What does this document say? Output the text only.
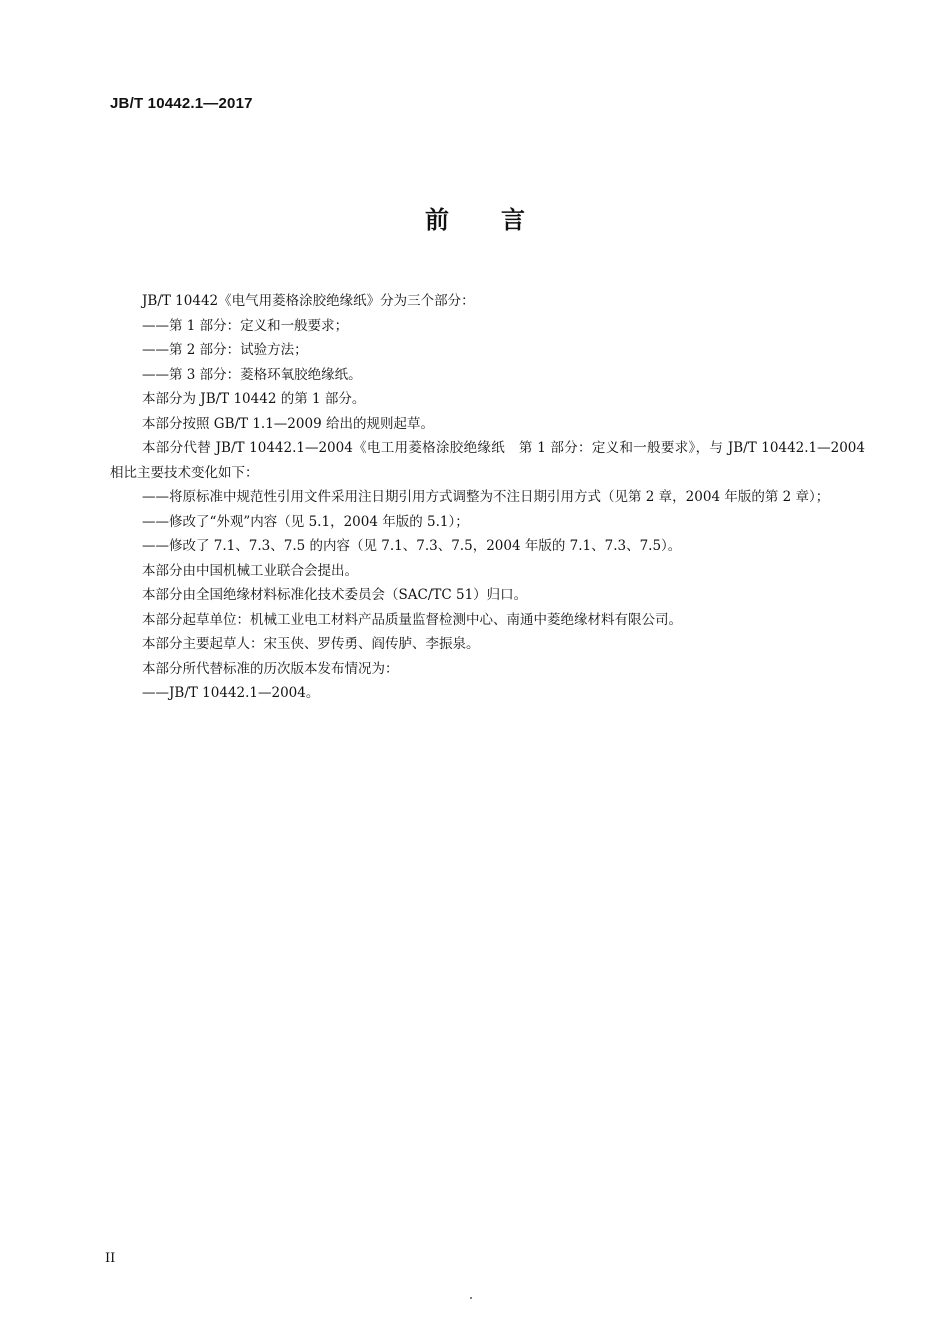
JB/T 10442.1—2017
前言

JB/T 10442《电气用菱格涂胶绝缘纸》分为三个部分：

——第 1 部分：定义和一般要求；

——第 2 部分：试验方法；

——第 3 部分：菱格环氧胶绝缘纸。

本部分为 JB/T 10442 的第 1 部分。

本部分按照 GB/T 1.1—2009 给出的规则起草。

本部分代替 JB/T 10442.1—2004《电工用菱格涂胶绝缘纸　第 1 部分：定义和一般要求》，与 JB/T 10442.1—2004 相比主要技术变化如下：

——将原标准中规范性引用文件采用注日期引用方式调整为不注日期引用方式（见第 2 章，2004 年版的第 2 章）；

——修改了“外观”内容（见 5.1，2004 年版的 5.1）；

——修改了 7.1、7.3、7.5 的内容（见 7.1、7.3、7.5，2004 年版的 7.1、7.3、7.5）。

本部分由中国机械工业联合会提出。

本部分由全国绝缘材料标准化技术委员会（SAC/TC 51）归口。

本部分起草单位：机械工业电工材料产品质量监督检测中心、南通中菱绝缘材料有限公司。

本部分主要起草人：宋玉侠、罗传勇、阎传胪、李振泉。

本部分所代替标准的历次版本发布情况为：

——JB/T 10442.1—2004。

II
